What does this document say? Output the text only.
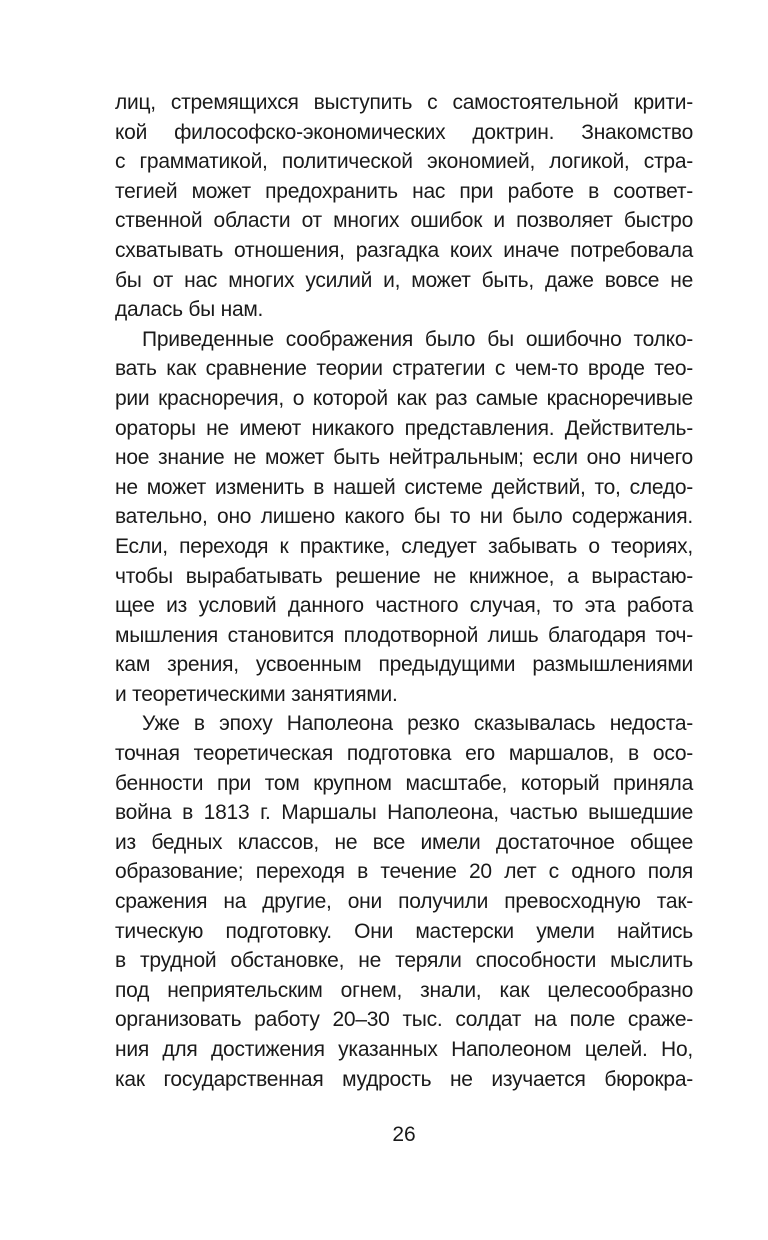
лиц, стремящихся выступить с самостоятельной крити-
кой философско-экономических доктрин. Знакомство
с грамматикой, политической экономией, логикой, стра-
тегией может предохранить нас при работе в соответ-
ственной области от многих ошибок и позволяет быстро
схватывать отношения, разгадка коих иначе потребовала
бы от нас многих усилий и, может быть, даже вовсе не
далась бы нам.
Приведенные соображения было бы ошибочно толко-
вать как сравнение теории стратегии с чем-то вроде тео-
рии красноречия, о которой как раз самые красноречивые
ораторы не имеют никакого представления. Действитель-
ное знание не может быть нейтральным; если оно ничего
не может изменить в нашей системе действий, то, следо-
вательно, оно лишено какого бы то ни было содержания.
Если, переходя к практике, следует забывать о теориях,
чтобы вырабатывать решение не книжное, а вырастаю-
щее из условий данного частного случая, то эта работа
мышления становится плодотворной лишь благодаря точ-
кам зрения, усвоенным предыдущими размышлениями
и теоретическими занятиями.
Уже в эпоху Наполеона резко сказывалась недоста-
точная теоретическая подготовка его маршалов, в осо-
бенности при том крупном масштабе, который приняла
война в 1813 г. Маршалы Наполеона, частью вышедшие
из бедных классов, не все имели достаточное общее
образование; переходя в течение 20 лет с одного поля
сражения на другие, они получили превосходную так-
тическую подготовку. Они мастерски умели найтись
в трудной обстановке, не теряли способности мыслить
под неприятельским огнем, знали, как целесообразно
организовать работу 20–30 тыс. солдат на поле сраже-
ния для достижения указанных Наполеоном целей. Но,
как государственная мудрость не изучается бюрокра-
26
